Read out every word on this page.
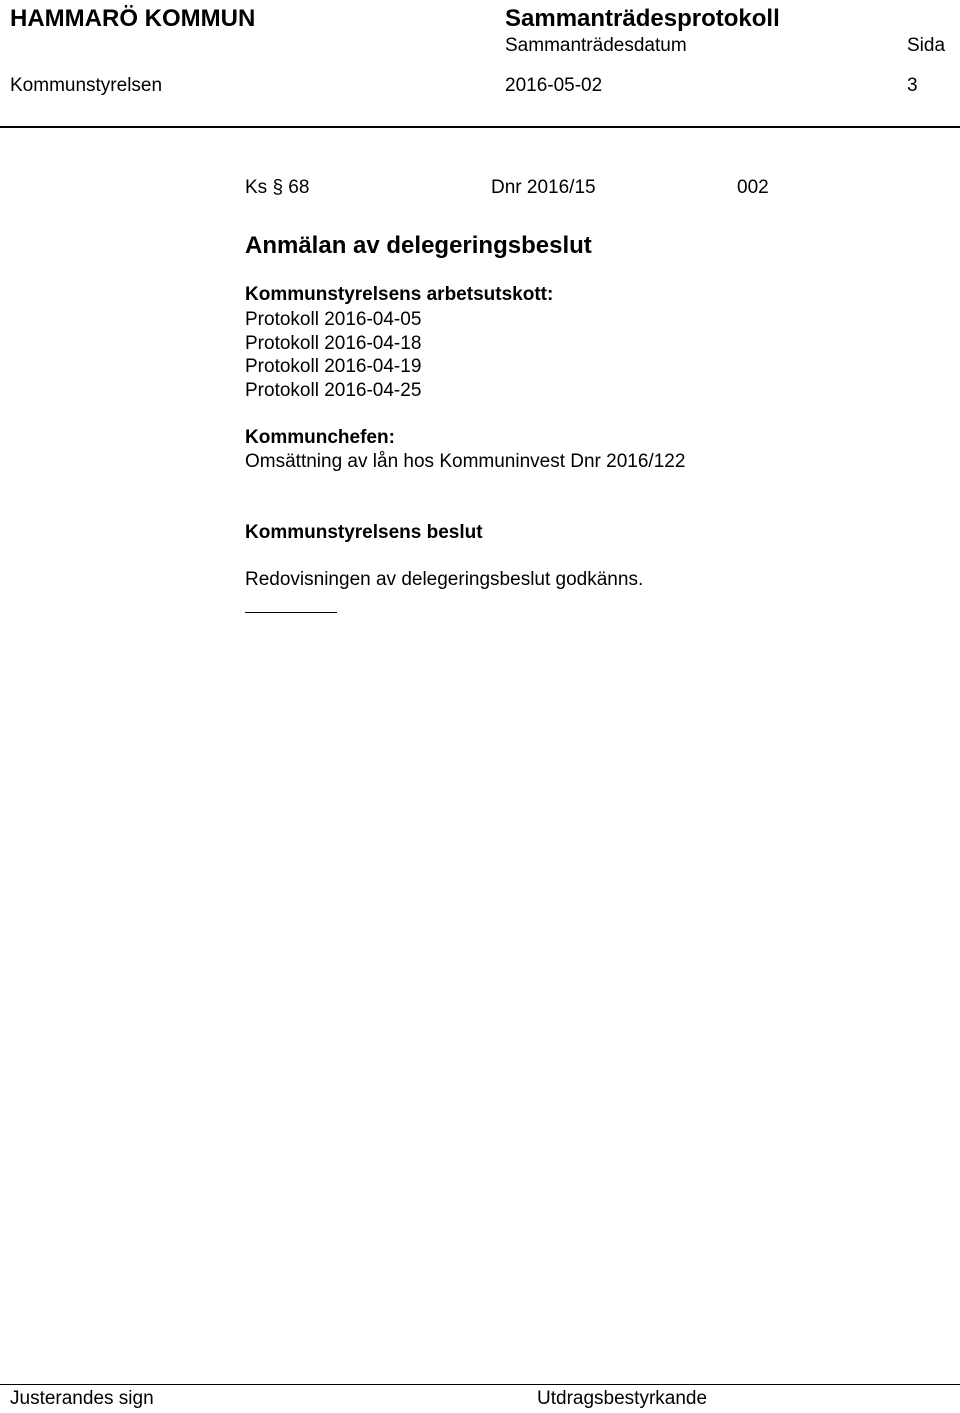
HAMMARÖ KOMMUN	Sammanträdesprotokoll
Sammanträdesdatum	Sida
Kommunstyrelsen	2016-05-02	3
Ks § 68	Dnr 2016/15	002
Anmälan av delegeringsbeslut
Kommunstyrelsens arbetsutskott:
Protokoll 2016-04-05
Protokoll 2016-04-18
Protokoll 2016-04-19
Protokoll 2016-04-25
Kommunchefen:
Omsättning av lån hos Kommuninvest Dnr 2016/122
Kommunstyrelsens beslut
Redovisningen av delegeringsbeslut godkänns.
Justerandes sign	Utdragsbestyrkande
